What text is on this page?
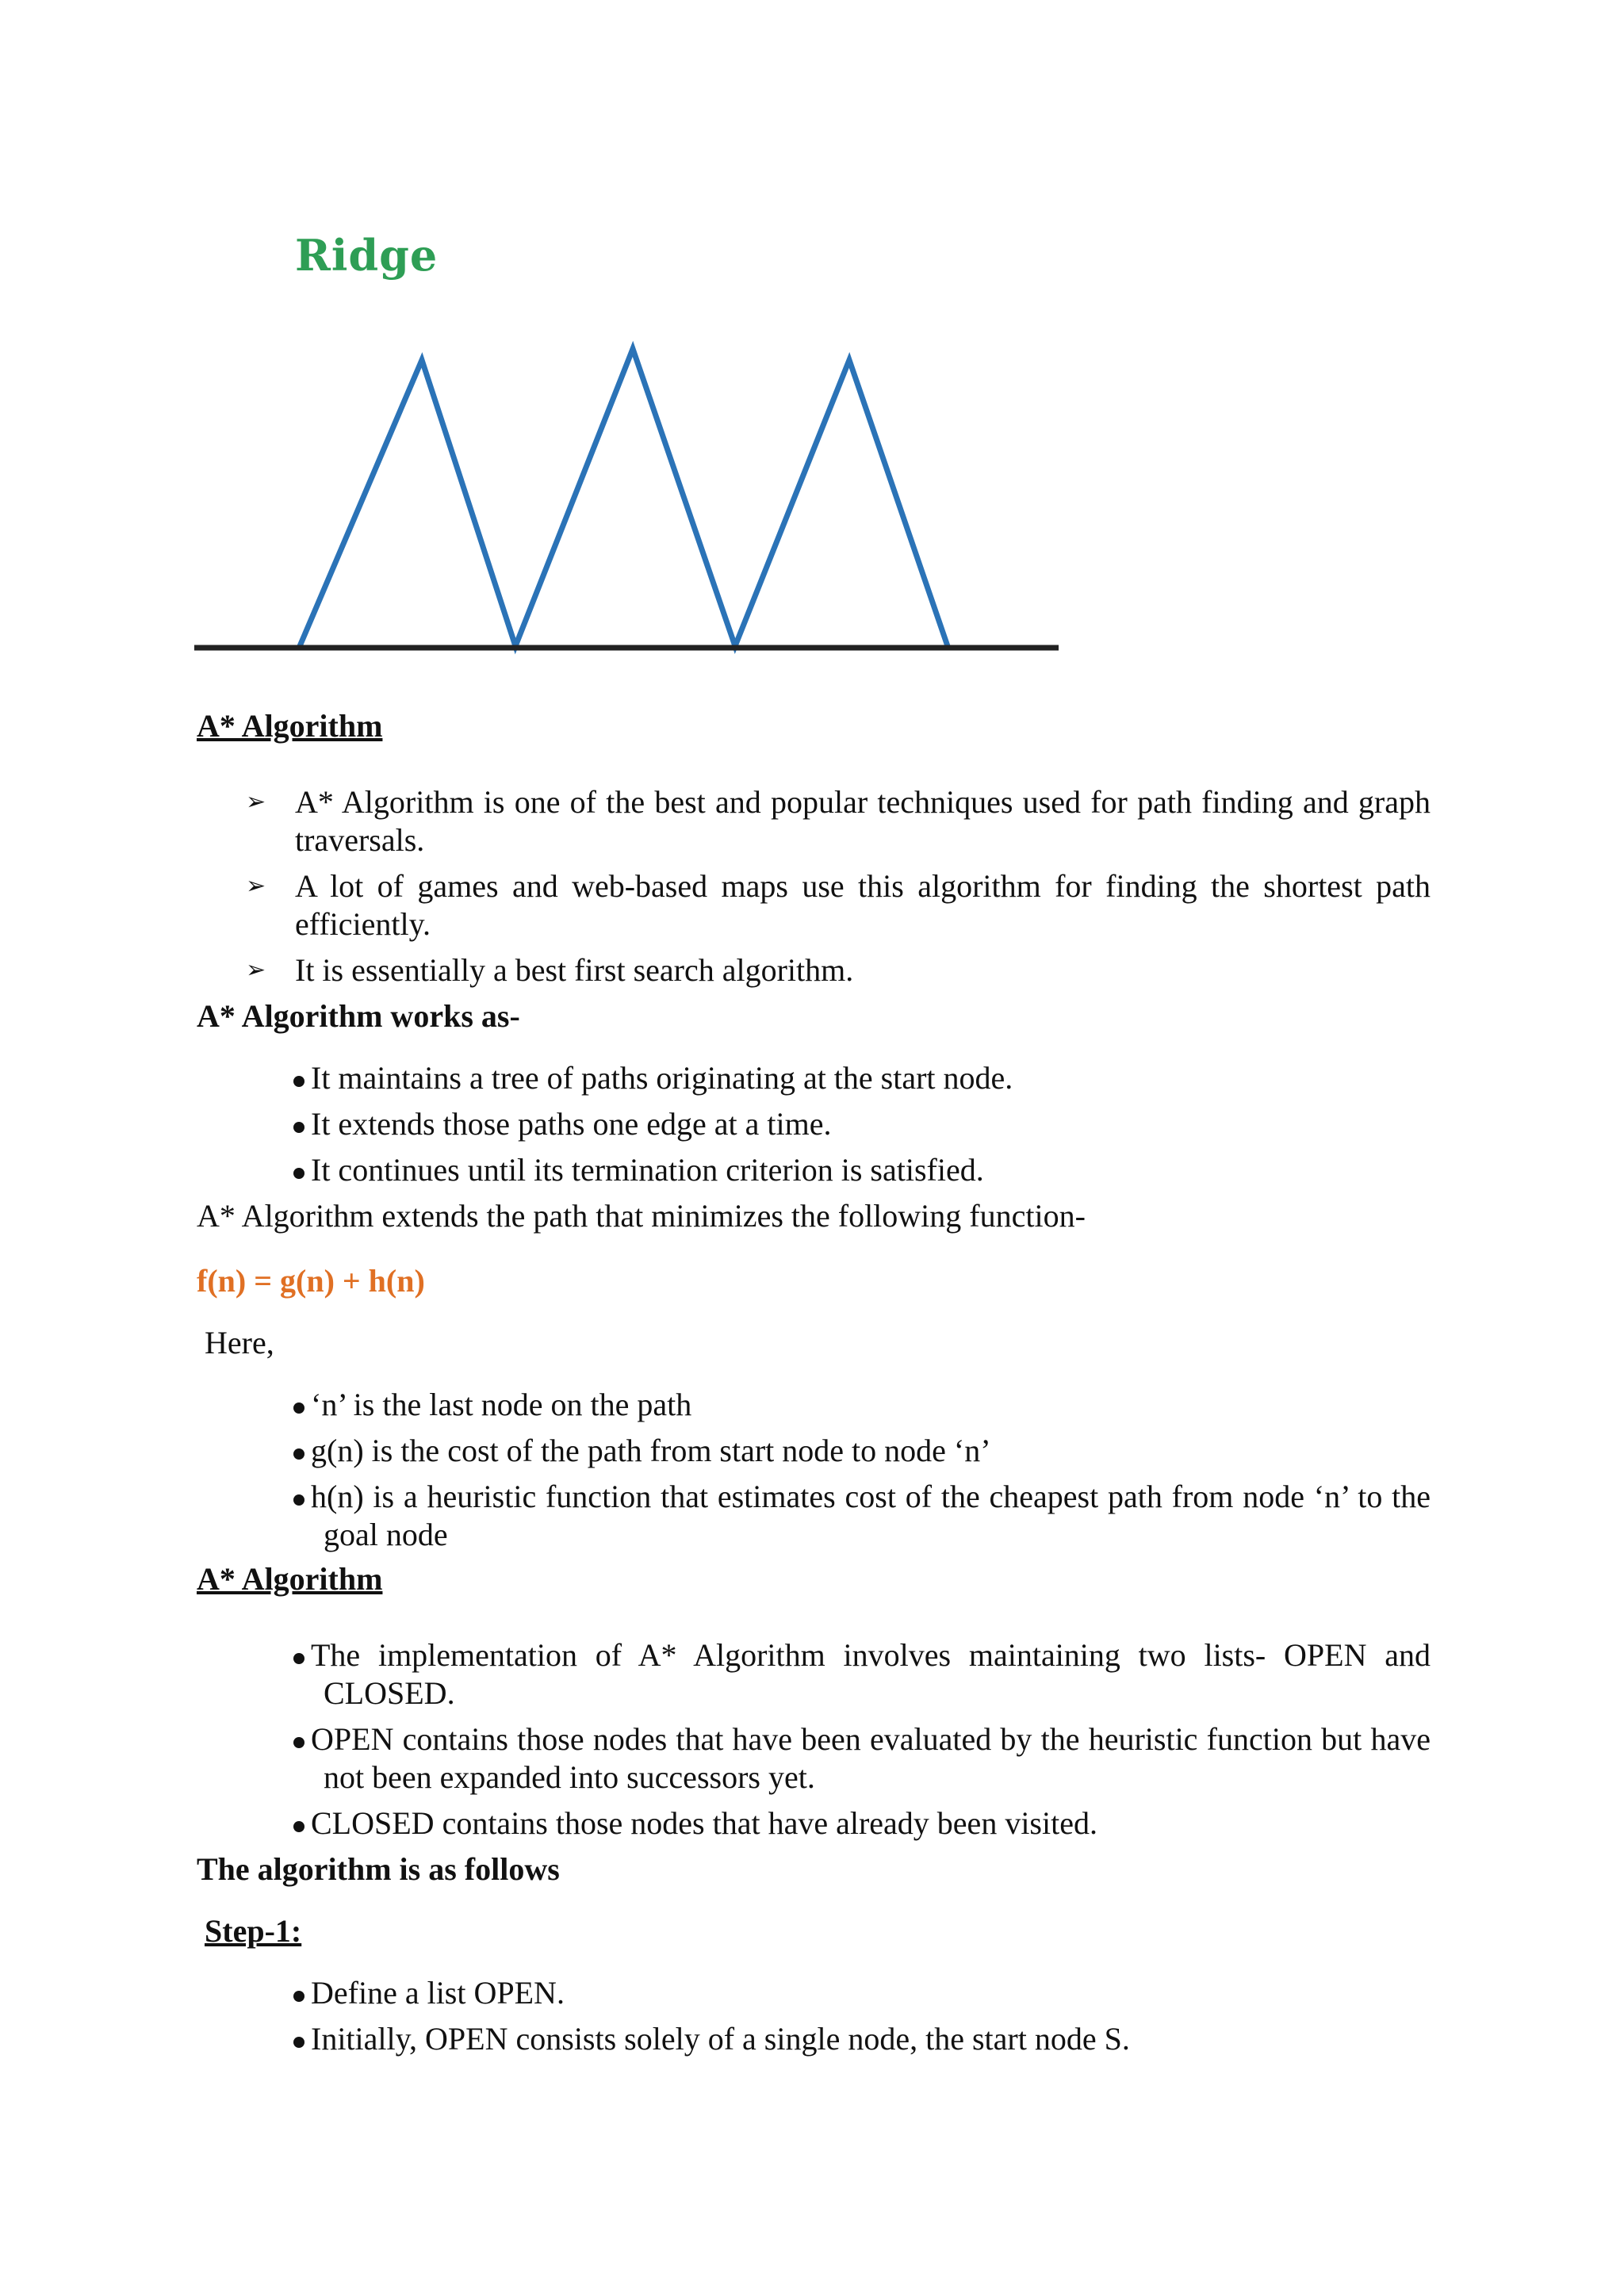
Ridge

A* Algorithm

➢ A* Algorithm is one of the best and popular techniques used for path finding and graph traversals.
➢ A lot of games and web-based maps use this algorithm for finding the shortest path efficiently.
➢ It is essentially a best first search algorithm.

A* Algorithm works as-

It maintains a tree of paths originating at the start node.
It extends those paths one edge at a time.
It continues until its termination criterion is satisfied.

A* Algorithm extends the path that minimizes the following function-

f(n) = g(n) + h(n)

Here,

‘n’ is the last node on the path
g(n) is the cost of the path from start node to node ‘n’
h(n) is a heuristic function that estimates cost of the cheapest path from node ‘n’ to the goal node

A* Algorithm

The implementation of A* Algorithm involves maintaining two lists- OPEN and CLOSED.
OPEN contains those nodes that have been evaluated by the heuristic function but have not been expanded into successors yet.
CLOSED contains those nodes that have already been visited.

The algorithm is as follows

Step-1:

Define a list OPEN.
Initially, OPEN consists solely of a single node, the start node S.
